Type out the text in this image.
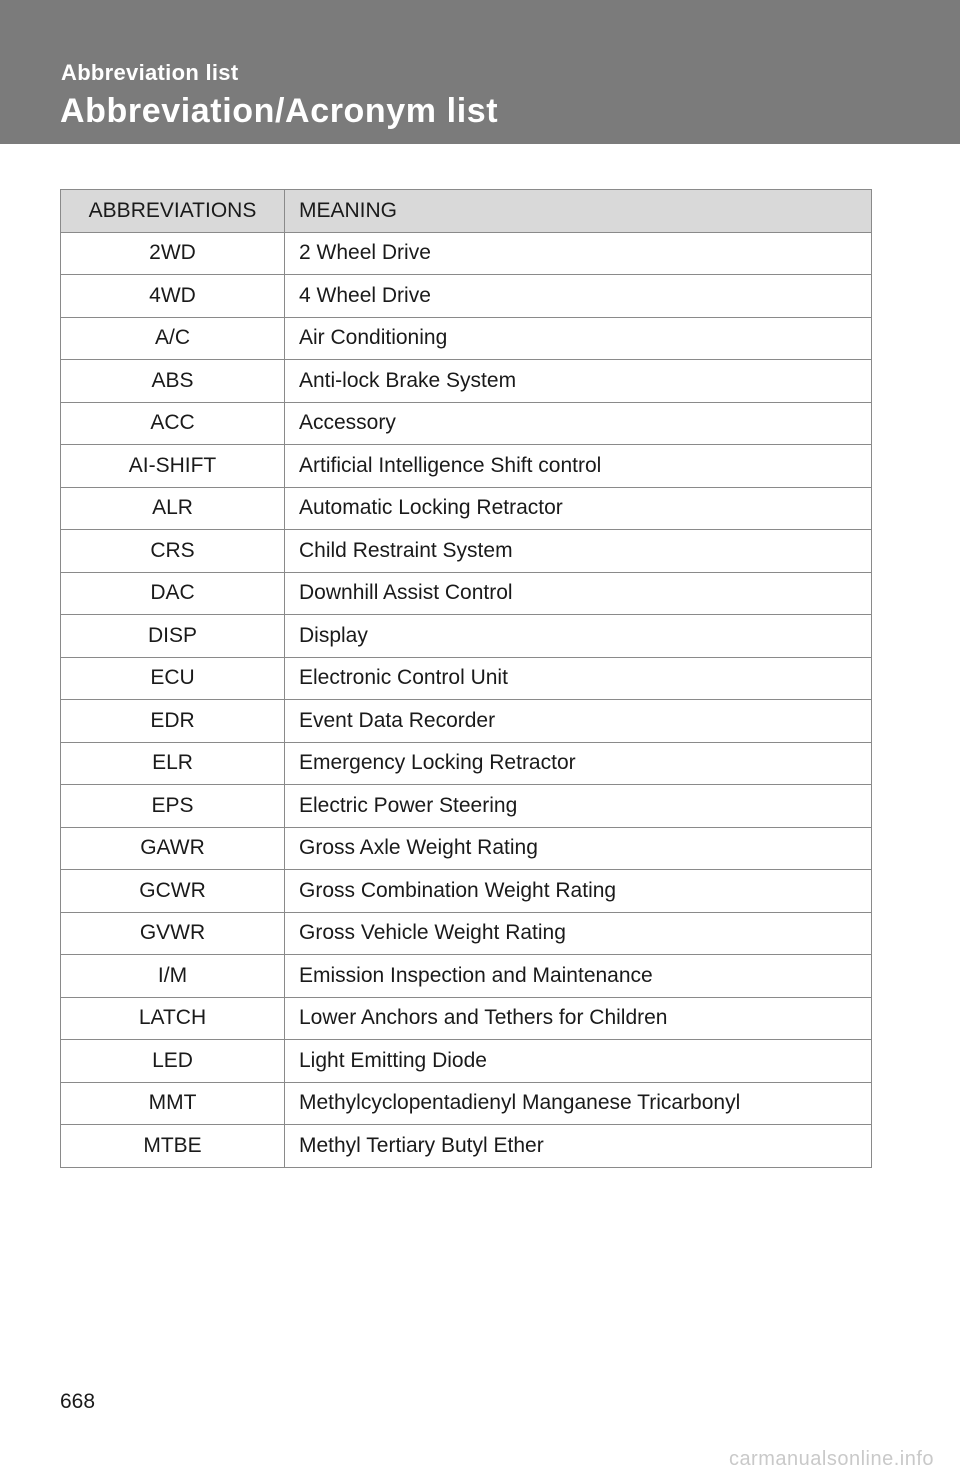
Abbreviation list
Abbreviation/Acronym list
ABBREVIATIONS	MEANING
2WD	2 Wheel Drive
4WD	4 Wheel Drive
A/C	Air Conditioning
ABS	Anti-lock Brake System
ACC	Accessory
AI-SHIFT	Artificial Intelligence Shift control
ALR	Automatic Locking Retractor
CRS	Child Restraint System
DAC	Downhill Assist Control
DISP	Display
ECU	Electronic Control Unit
EDR	Event Data Recorder
ELR	Emergency Locking Retractor
EPS	Electric Power Steering
GAWR	Gross Axle Weight Rating
GCWR	Gross Combination Weight Rating
GVWR	Gross Vehicle Weight Rating
I/M	Emission Inspection and Maintenance
LATCH	Lower Anchors and Tethers for Children
LED	Light Emitting Diode
MMT	Methylcyclopentadienyl Manganese Tricarbonyl
MTBE	Methyl Tertiary Butyl Ether
668
carmanualsonline.info
